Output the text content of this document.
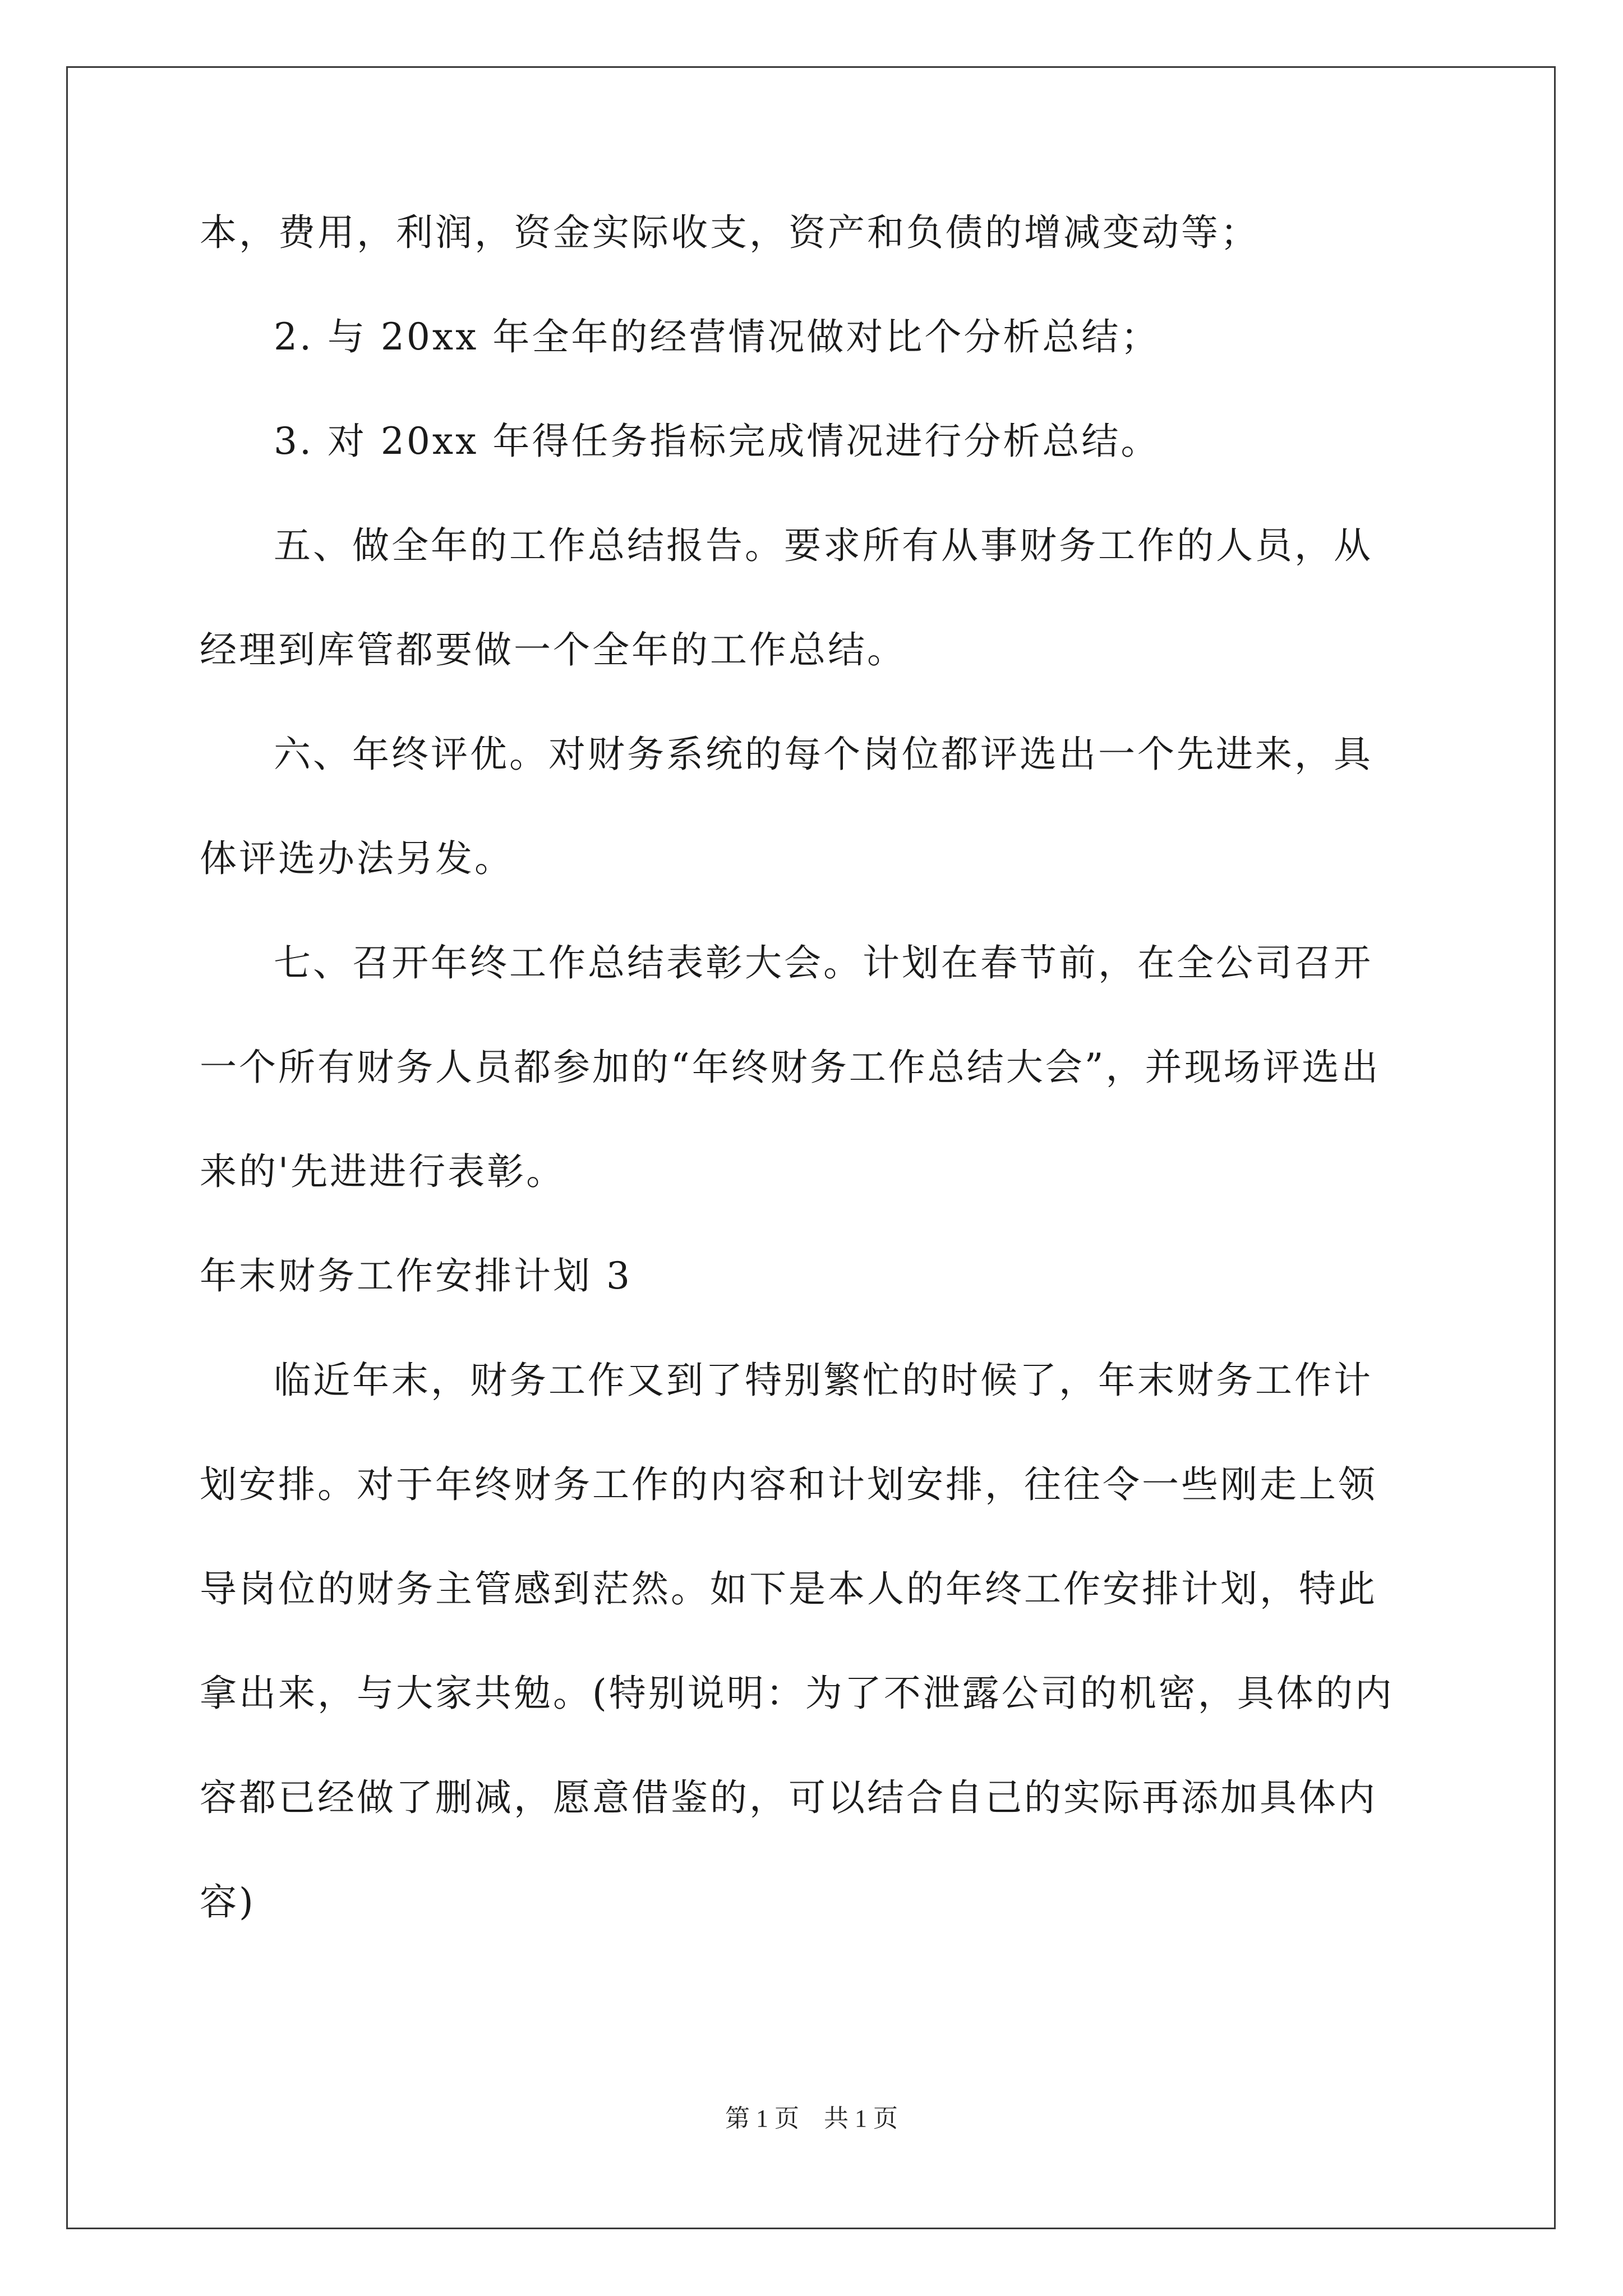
本，费用，利润，资金实际收支，资产和负债的增减变动等；
2. 与 20xx 年全年的经营情况做对比个分析总结；
3. 对 20xx 年得任务指标完成情况进行分析总结。
五、做全年的工作总结报告。要求所有从事财务工作的人员，从
经理到库管都要做一个全年的工作总结。
六、年终评优。对财务系统的每个岗位都评选出一个先进来，具
体评选办法另发。
七、召开年终工作总结表彰大会。计划在春节前，在全公司召开
一个所有财务人员都参加的“年终财务工作总结大会”，并现场评选出
来的'先进进行表彰。
年末财务工作安排计划 3
临近年末，财务工作又到了特别繁忙的时候了，年末财务工作计
划安排。对于年终财务工作的内容和计划安排，往往令一些刚走上领
导岗位的财务主管感到茫然。如下是本人的年终工作安排计划，特此
拿出来，与大家共勉。(特别说明：为了不泄露公司的机密，具体的内
容都已经做了删减，愿意借鉴的，可以结合自己的实际再添加具体内
容)
第 1 页　共 1 页
